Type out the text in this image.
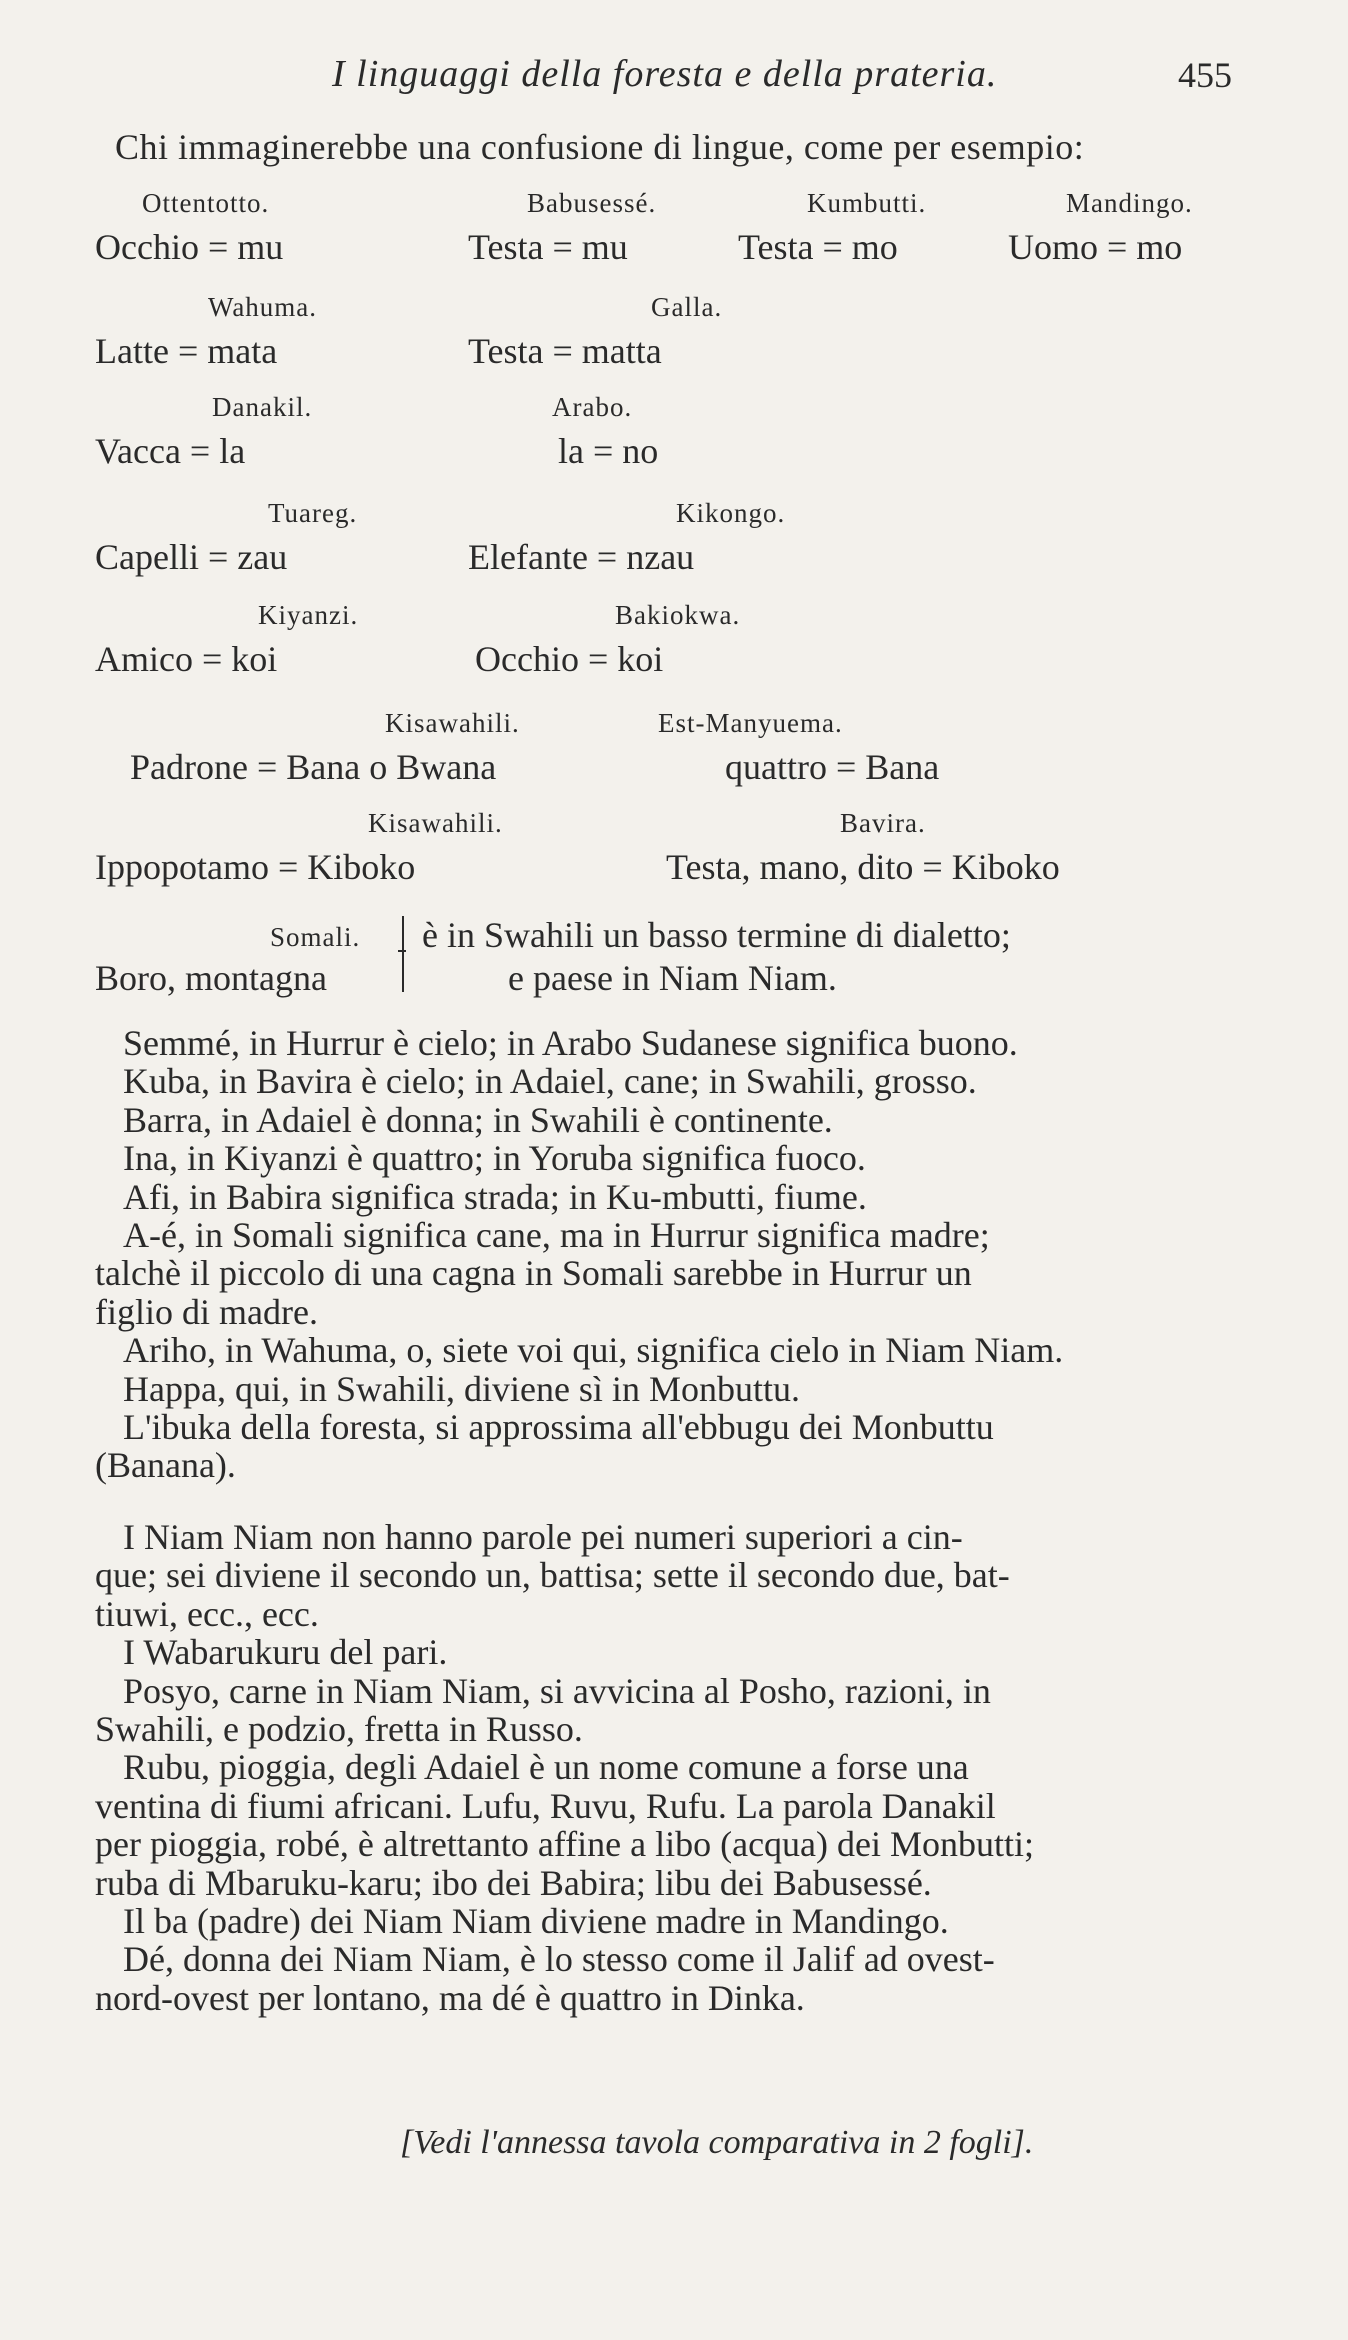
I linguaggi della foresta e della prateria.	455
Chi immaginerebbe una confusione di lingue, come per esempio:
Ottentotto.
Occhio = mu
Babusessé.
Testa = mu
Kumbutti.
Testa = mo
Mandingo.
Uomo = mo
Wahuma.
Latte = mata
Galla.
Testa = matta
Danakil.
Vacca = la
Arabo.
la = no
Tuareg.
Capelli = zau
Kikongo.
Elefante = nzau
Kiyanzi.
Amico = koi
Bakiokwa.
Occhio = koi
Kisawahili.
Padrone = Bana o Bwana
Est-Manyuema.
quattro = Bana
Kisawahili.
Ippopotamo = Kiboko
Bavira.
Testa, mano, dito = Kiboko
Somali.
Boro, montagna
è in Swahili un basso termine di dialetto;
e paese in Niam Niam.
Semmé, in Hurrur è cielo; in Arabo Sudanese significa buono.
Kuba, in Bavira è cielo; in Adaiel, cane; in Swahili, grosso.
Barra, in Adaiel è donna; in Swahili è continente.
Ina, in Kiyanzi è quattro; in Yoruba significa fuoco.
Afi, in Babira significa strada; in Ku-mbutti, fiume.
A-é, in Somali significa cane, ma in Hurrur significa madre;
talchè il piccolo di una cagna in Somali sarebbe in Hurrur un
figlio di madre.
Ariho, in Wahuma, o, siete voi qui, significa cielo in Niam Niam.
Happa, qui, in Swahili, diviene sì in Monbuttu.
L'ibuka della foresta, si approssima all'ebbugu dei Monbuttu
(Banana).
I Niam Niam non hanno parole pei numeri superiori a cin-
que; sei diviene il secondo un, battisa; sette il secondo due, bat-
tiuwi, ecc., ecc.
I Wabarukuru del pari.
Posyo, carne in Niam Niam, si avvicina al Posho, razioni, in
Swahili, e podzio, fretta in Russo.
Rubu, pioggia, degli Adaiel è un nome comune a forse una
ventina di fiumi africani. Lufu, Ruvu, Rufu. La parola Danakil
per pioggia, robé, è altrettanto affine a libo (acqua) dei Monbutti;
ruba di Mbaruku-karu; ibo dei Babira; libu dei Babusessé.
Il ba (padre) dei Niam Niam diviene madre in Mandingo.
Dé, donna dei Niam Niam, è lo stesso come il Jalif ad ovest-
nord-ovest per lontano, ma dé è quattro in Dinka.
[Vedi l'annessa tavola comparativa in 2 fogli].
